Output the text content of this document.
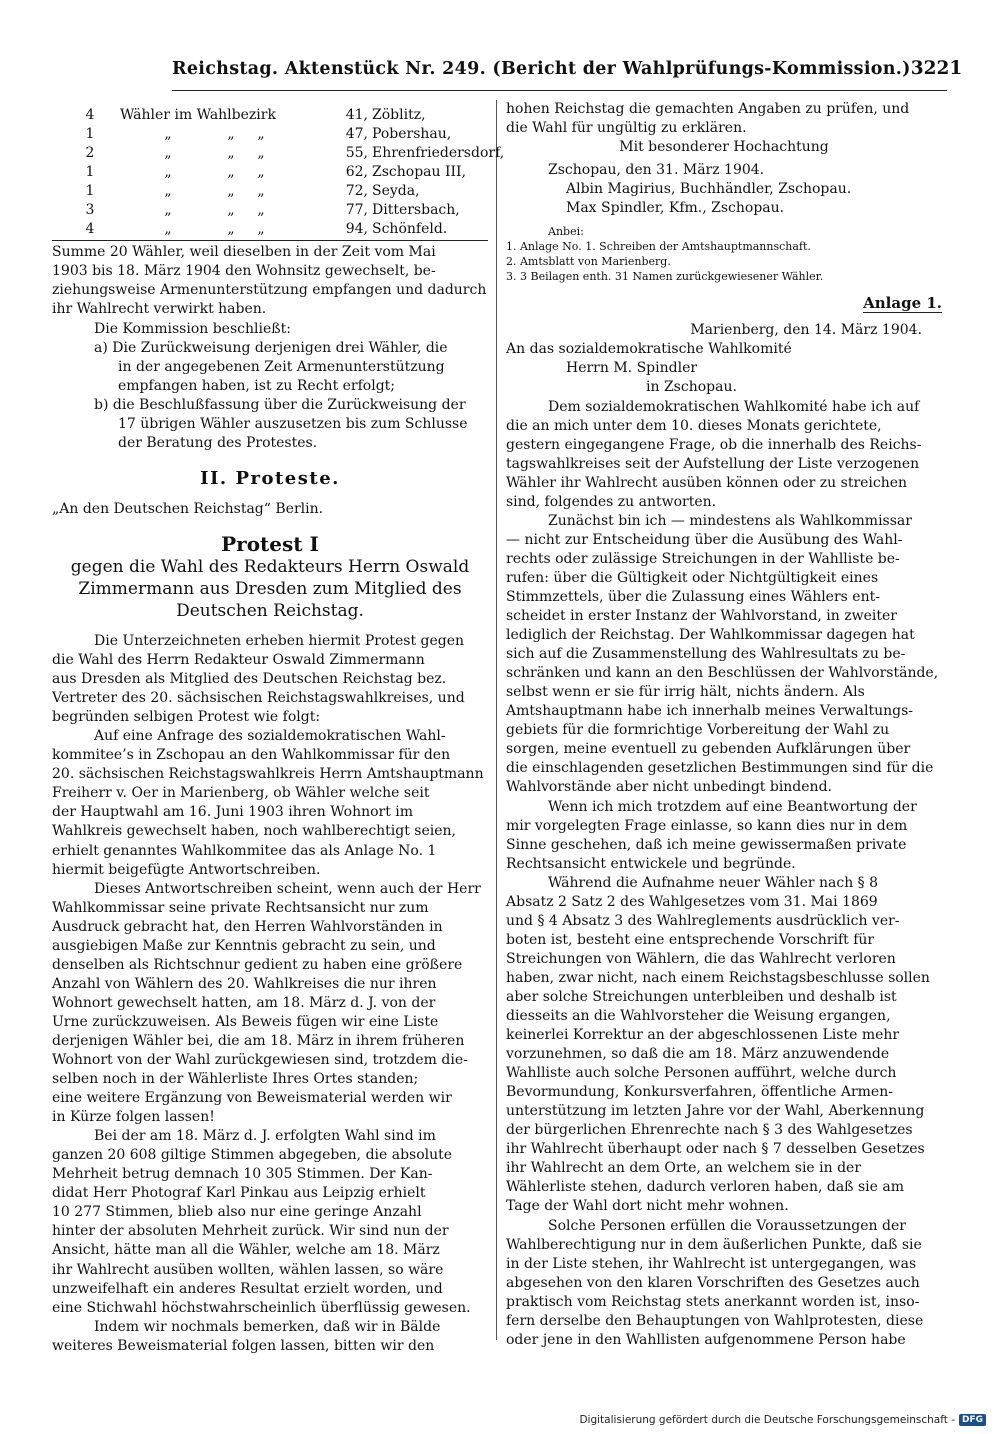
Reichstag. Aktenstück Nr. 249. (Bericht der Wahlprüfungs-Kommission.) 3221
4	Wähler im Wahlbezirk	41, Zöblitz,
1	„	„	„	47, Pobershau,
2	„	„	„	55, Ehrenfriedersdorf,
1	„	„	„	62, Zschopau III,
1	„	„	„	72, Seyda,
3	„	„	„	77, Dittersbach,
4	„	„	„	94, Schönfeld.
Summe 20 Wähler, weil dieselben in der Zeit vom Mai
1903 bis 18. März 1904 den Wohnsitz gewechselt, be-
ziehungsweise Armenunterstützung empfangen und dadurch
ihr Wahlrecht verwirkt haben.
Die Kommission beschließt:
a) Die Zurückweisung derjenigen drei Wähler, die
in der angegebenen Zeit Armenunterstützung
empfangen haben, ist zu Recht erfolgt;
b) die Beschlußfassung über die Zurückweisung der
17 übrigen Wähler auszusetzen bis zum Schlusse
der Beratung des Protestes.
II. Proteste.
„An den Deutschen Reichstag“ Berlin.
Protest I
gegen die Wahl des Redakteurs Herrn Oswald
Zimmermann aus Dresden zum Mitglied des
Deutschen Reichstag.
Die Unterzeichneten erheben hiermit Protest gegen
die Wahl des Herrn Redakteur Oswald Zimmermann
aus Dresden als Mitglied des Deutschen Reichstag bez.
Vertreter des 20. sächsischen Reichstagswahlkreises, und
begründen selbigen Protest wie folgt:
Auf eine Anfrage des sozialdemokratischen Wahl-
kommitee’s in Zschopau an den Wahlkommissar für den
20. sächsischen Reichstagswahlkreis Herrn Amtshauptmann
Freiherr v. Oer in Marienberg, ob Wähler welche seit
der Hauptwahl am 16. Juni 1903 ihren Wohnort im
Wahlkreis gewechselt haben, noch wahlberechtigt seien,
erhielt genanntes Wahlkommitee das als Anlage No. 1
hiermit beigefügte Antwortschreiben.
Dieses Antwortschreiben scheint, wenn auch der Herr
Wahlkommissar seine private Rechtsansicht nur zum
Ausdruck gebracht hat, den Herren Wahlvorständen in
ausgiebigen Maße zur Kenntnis gebracht zu sein, und
denselben als Richtschnur gedient zu haben eine größere
Anzahl von Wählern des 20. Wahlkreises die nur ihren
Wohnort gewechselt hatten, am 18. März d. J. von der
Urne zurückzuweisen. Als Beweis fügen wir eine Liste
derjenigen Wähler bei, die am 18. März in ihrem früheren
Wohnort von der Wahl zurückgewiesen sind, trotzdem die-
selben noch in der Wählerliste Ihres Ortes standen;
eine weitere Ergänzung von Beweismaterial werden wir
in Kürze folgen lassen!
Bei der am 18. März d. J. erfolgten Wahl sind im
ganzen 20 608 giltige Stimmen abgegeben, die absolute
Mehrheit betrug demnach 10 305 Stimmen. Der Kan-
didat Herr Photograf Karl Pinkau aus Leipzig erhielt
10 277 Stimmen, blieb also nur eine geringe Anzahl
hinter der absoluten Mehrheit zurück. Wir sind nun der
Ansicht, hätte man all die Wähler, welche am 18. März
ihr Wahlrecht ausüben wollten, wählen lassen, so wäre
unzweifelhaft ein anderes Resultat erzielt worden, und
eine Stichwahl höchstwahrscheinlich überflüssig gewesen.
Indem wir nochmals bemerken, daß wir in Bälde
weiteres Beweismaterial folgen lassen, bitten wir den
hohen Reichstag die gemachten Angaben zu prüfen, und
die Wahl für ungültig zu erklären.
Mit besonderer Hochachtung
Zschopau, den 31. März 1904.
Albin Magirius, Buchhändler, Zschopau.
Max Spindler, Kfm., Zschopau.
Anbei:
1. Anlage No. 1. Schreiben der Amtshauptmannschaft.
2. Amtsblatt von Marienberg.
3. 3 Beilagen enth. 31 Namen zurückgewiesener Wähler.
Anlage 1.
Marienberg, den 14. März 1904.
An das sozialdemokratische Wahlkomité
Herrn M. Spindler
in Zschopau.
Dem sozialdemokratischen Wahlkomité habe ich auf
die an mich unter dem 10. dieses Monats gerichtete,
gestern eingegangene Frage, ob die innerhalb des Reichs-
tagswahlkreises seit der Aufstellung der Liste verzogenen
Wähler ihr Wahlrecht ausüben können oder zu streichen
sind, folgendes zu antworten.
Zunächst bin ich — mindestens als Wahlkommissar
— nicht zur Entscheidung über die Ausübung des Wahl-
rechts oder zulässige Streichungen in der Wahlliste be-
rufen: über die Gültigkeit oder Nichtgültigkeit eines
Stimmzettels, über die Zulassung eines Wählers ent-
scheidet in erster Instanz der Wahlvorstand, in zweiter
lediglich der Reichstag. Der Wahlkommissar dagegen hat
sich auf die Zusammenstellung des Wahlresultats zu be-
schränken und kann an den Beschlüssen der Wahlvorstände,
selbst wenn er sie für irrig hält, nichts ändern. Als
Amtshauptmann habe ich innerhalb meines Verwaltungs-
gebiets für die formrichtige Vorbereitung der Wahl zu
sorgen, meine eventuell zu gebenden Aufklärungen über
die einschlagenden gesetzlichen Bestimmungen sind für die
Wahlvorstände aber nicht unbedingt bindend.
Wenn ich mich trotzdem auf eine Beantwortung der
mir vorgelegten Frage einlasse, so kann dies nur in dem
Sinne geschehen, daß ich meine gewissermaßen private
Rechtsansicht entwickele und begründe.
Während die Aufnahme neuer Wähler nach § 8
Absatz 2 Satz 2 des Wahlgesetzes vom 31. Mai 1869
und § 4 Absatz 3 des Wahlreglements ausdrücklich ver-
boten ist, besteht eine entsprechende Vorschrift für
Streichungen von Wählern, die das Wahlrecht verloren
haben, zwar nicht, nach einem Reichstagsbeschlusse sollen
aber solche Streichungen unterbleiben und deshalb ist
diesseits an die Wahlvorsteher die Weisung ergangen,
keinerlei Korrektur an der abgeschlossenen Liste mehr
vorzunehmen, so daß die am 18. März anzuwendende
Wahlliste auch solche Personen aufführt, welche durch
Bevormundung, Konkursverfahren, öffentliche Armen-
unterstützung im letzten Jahre vor der Wahl, Aberkennung
der bürgerlichen Ehrenrechte nach § 3 des Wahlgesetzes
ihr Wahlrecht überhaupt oder nach § 7 desselben Gesetzes
ihr Wahlrecht an dem Orte, an welchem sie in der
Wählerliste stehen, dadurch verloren haben, daß sie am
Tage der Wahl dort nicht mehr wohnen.
Solche Personen erfüllen die Voraussetzungen der
Wahlberechtigung nur in dem äußerlichen Punkte, daß sie
in der Liste stehen, ihr Wahlrecht ist untergegangen, was
abgesehen von den klaren Vorschriften des Gesetzes auch
praktisch vom Reichstag stets anerkannt worden ist, inso-
fern derselbe den Behauptungen von Wahlprotesten, diese
oder jene in den Wahllisten aufgenommene Person habe
Digitalisierung gefördert durch die Deutsche Forschungsgemeinschaft - DFG
